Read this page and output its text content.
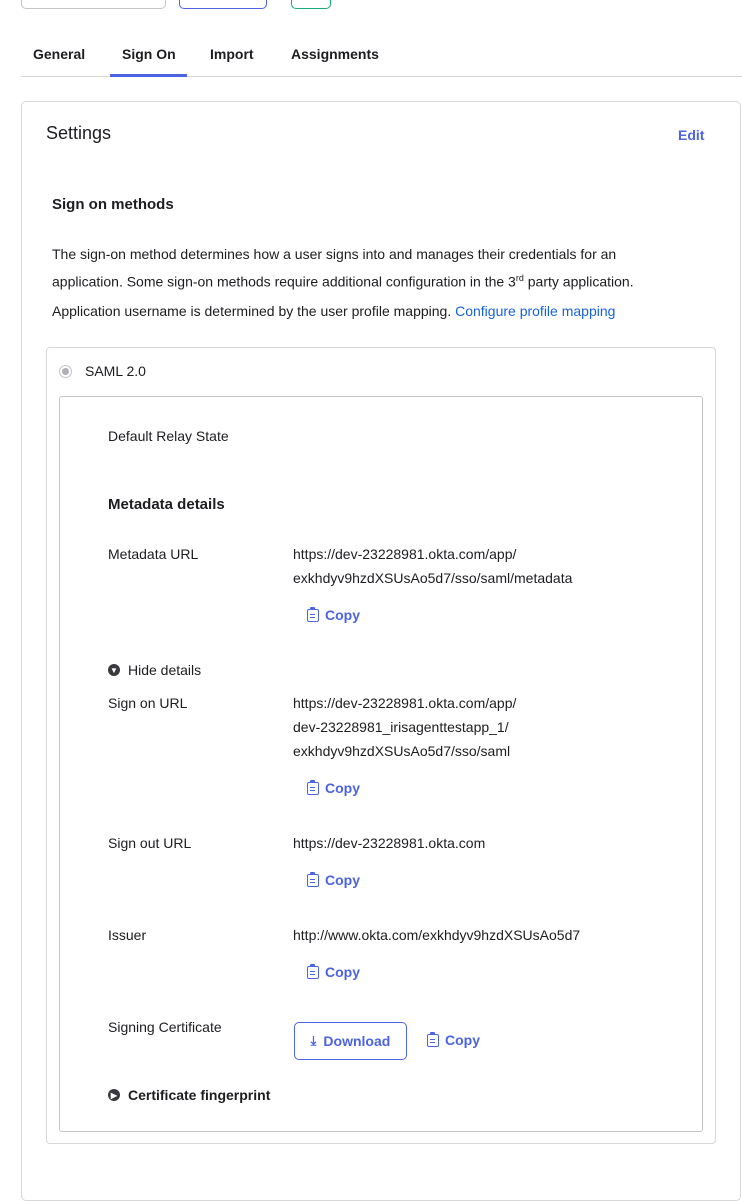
General	Sign On Import	Assignments
Settings	Edit
Sign on methods
The sign-on method determines how a user signs into and manages their credentials for an
application. Some sign-on methods require additional configuration in the 3rd party application.
Application username is determined by the user profile mapping. Configure profile mapping
SAML 2.0
Default Relay State
Metadata details
Metadata URL	https://dev-23228981.okta.com/app/
exkhdyv9hzdXSUsAo5d7/sso/saml/metadata
Copy
▼ Hide details
Sign on URL	https://dev-23228981.okta.com/app/
dev-23228981_irisagenttestapp_1/
exkhdyv9hzdXSUsAo5d7/sso/saml
Copy
Sign out URL	https://dev-23228981.okta.com
Copy
Issuer	http://www.okta.com/exkhdyv9hzdXSUsAo5d7
Copy
Signing Certificate
⤓ Download	Copy
▶ Certificate fingerprint
